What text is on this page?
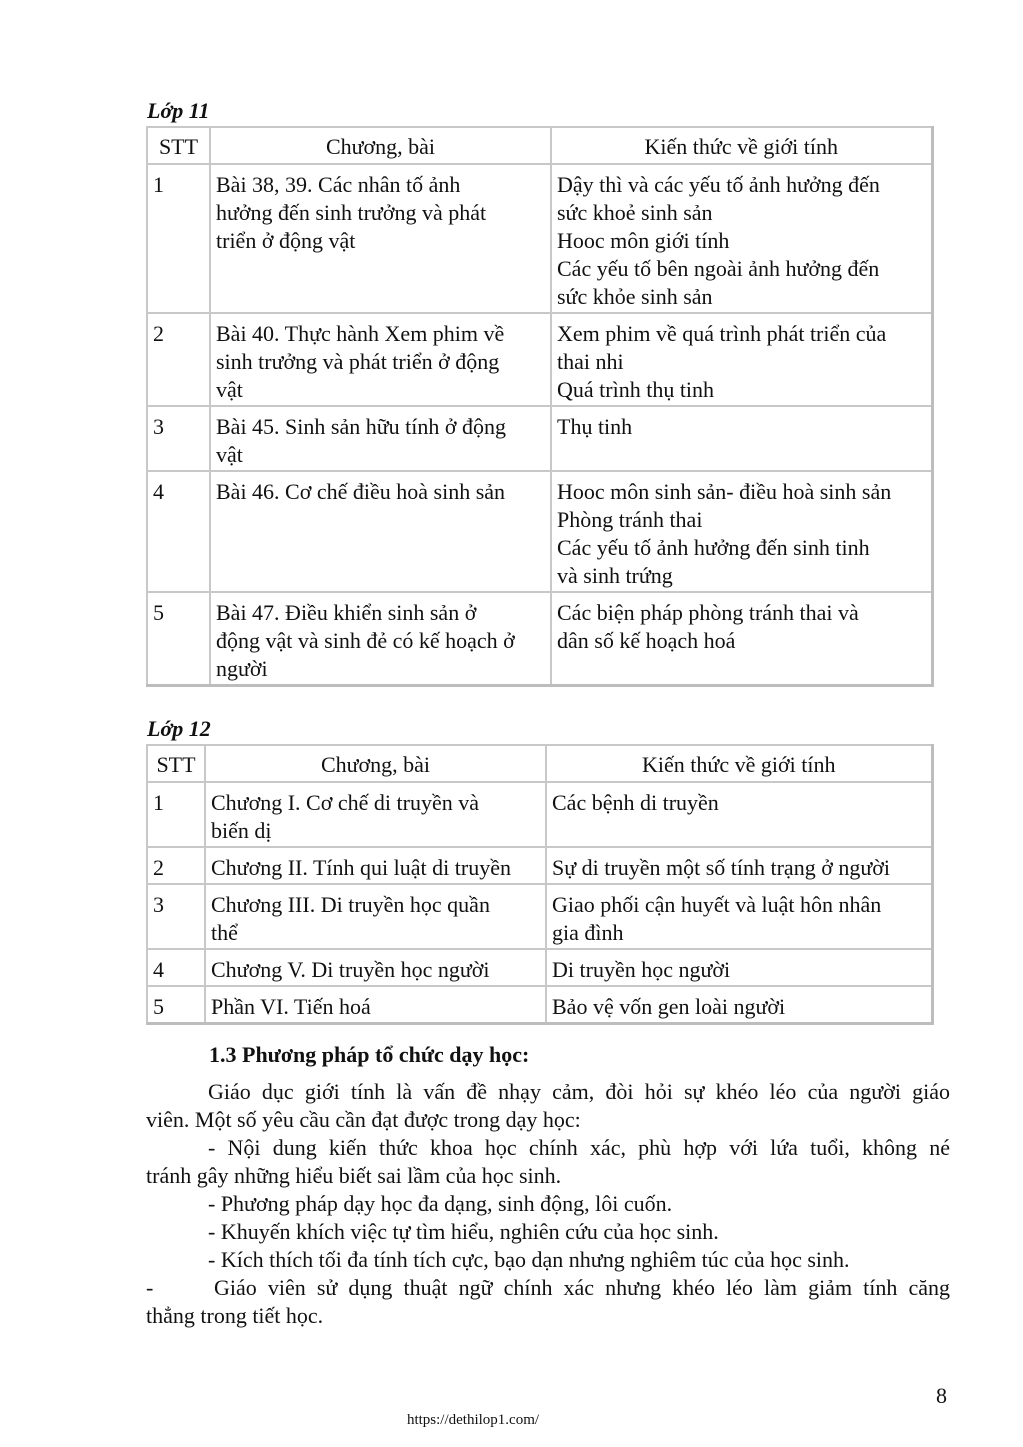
Lớp 11
STT	Chương, bài	Kiến thức về giới tính
1	Bài 38, 39. Các nhân tố ảnh
hưởng đến sinh trưởng và phát
triển ở động vật	Dậy thì và các yếu tố ảnh hưởng đến
sức khoẻ sinh sản
Hooc môn giới tính
Các yếu tố bên ngoài ảnh hưởng đến
sức khỏe sinh sản

2	Bài 40. Thực hành Xem phim về
sinh trưởng và phát triển ở động
vật	Xem phim về quá trình phát triển của
thai nhi
Quá trình thụ tinh

3	Bài 45. Sinh sản hữu tính ở động
vật	Thụ tinh

4	Bài 46. Cơ chế điều hoà sinh sản	Hooc môn sinh sản- điều hoà sinh sản
Phòng tránh thai
Các yếu tố ảnh hưởng đến sinh tinh
và sinh trứng

5	Bài 47. Điều khiển sinh sản ở
động vật và sinh đẻ có kế hoạch ở
người	Các biện pháp phòng tránh thai và
dân số kế hoạch hoá
Lớp 12
STT	Chương, bài	Kiến thức về giới tính
1	Chương I. Cơ chế di truyền và
biến dị	Các bệnh di truyền

2	Chương II. Tính qui luật di truyền	Sự di truyền một số tính trạng ở người

3	Chương III. Di truyền học quần
thể	Giao phối cận huyết và luật hôn nhân
gia đình

4	Chương V. Di truyền học người	Di truyền học người

5	Phần VI. Tiến hoá	Bảo vệ vốn gen loài người
1.3 Phương pháp tổ chức dạy học:
Giáo dục giới tính là vấn đề nhạy cảm, đòi hỏi sự khéo léo của người giáo
viên. Một số yêu cầu cần đạt được trong dạy học:
- Nội dung kiến thức khoa học chính xác, phù hợp với lứa tuổi, không né
tránh gây những hiểu biết sai lầm của học sinh.
- Phương pháp dạy học đa dạng, sinh động, lôi cuốn.
- Khuyến khích việc tự tìm hiểu, nghiên cứu của học sinh.
- Kích thích tối đa tính tích cực, bạo dạn nhưng nghiêm túc của học sinh.
-	Giáo viên sử dụng thuật ngữ chính xác nhưng khéo léo làm giảm tính căng
thẳng trong tiết học.
8
https://dethilop1.com/
